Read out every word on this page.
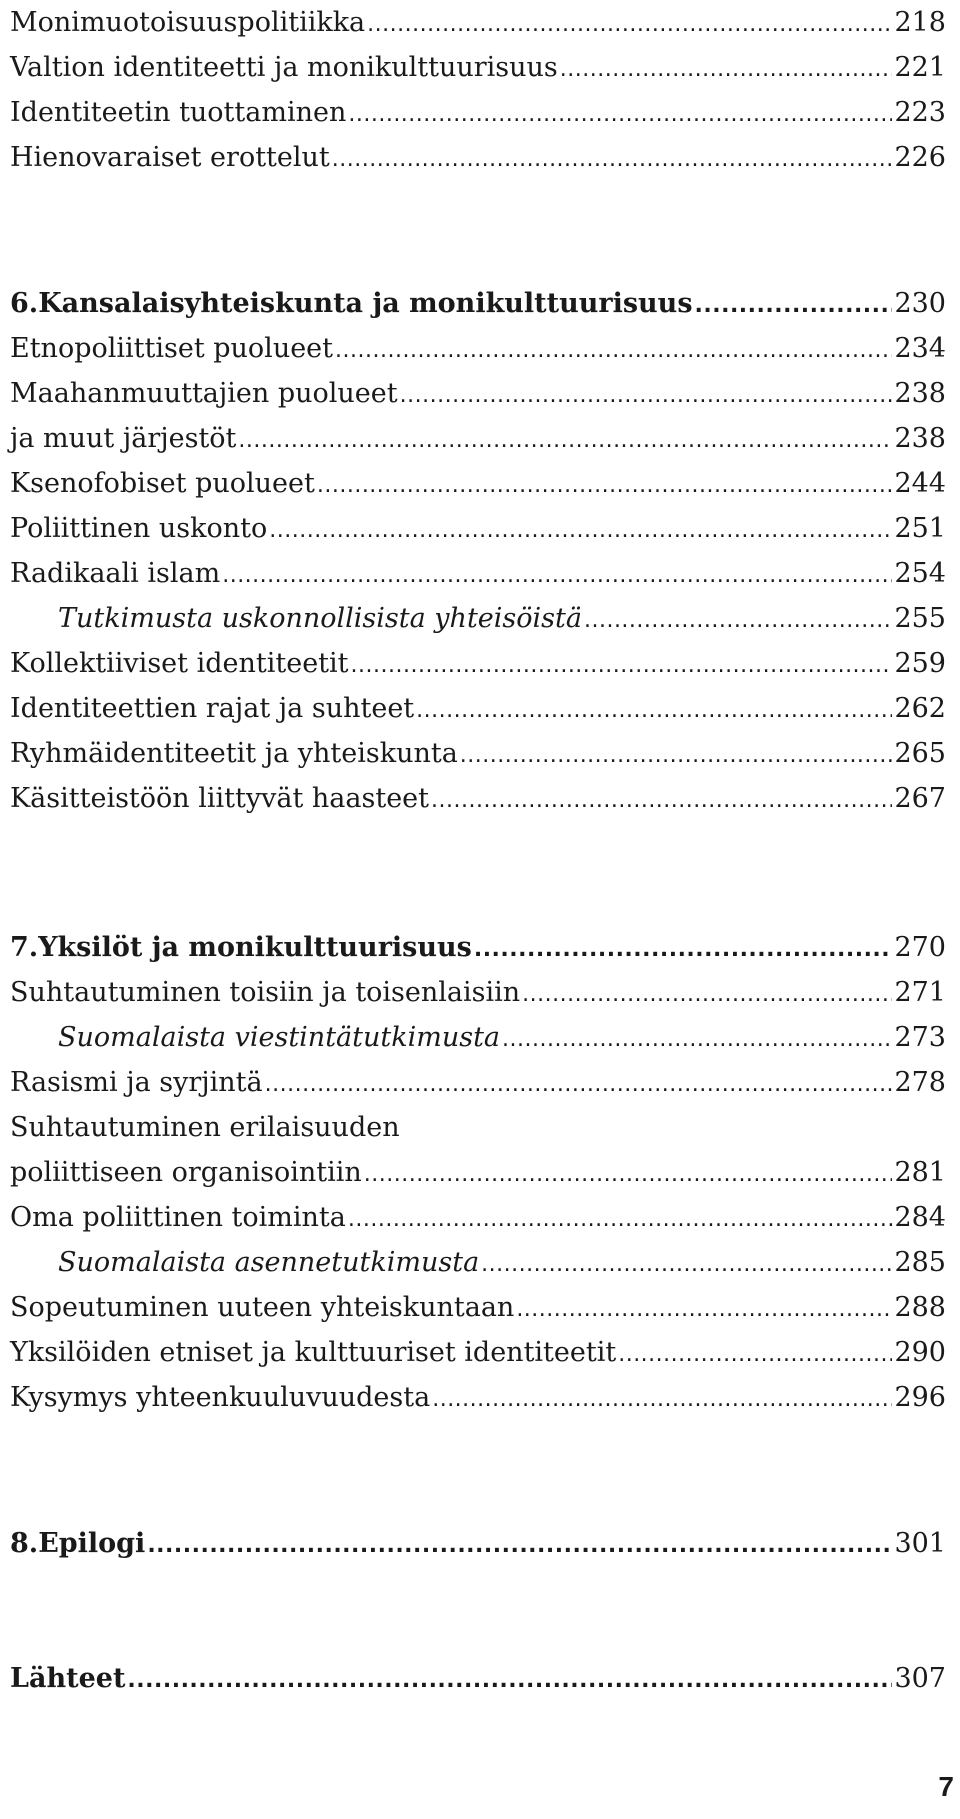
Monimuotoisuuspolitiikka .....	218
Valtion identiteetti ja monikulttuurisuus .....	221
Identiteetin tuottaminen .....	223
Hienovaraiset erottelut .....	226
6. Kansalaisyhteiskunta ja monikulttuurisuus .....	230
Etnopoliittiset puolueet .....	234
Maahanmuuttajien puolueet .....	238
ja muut järjestöt .....	238
Ksenofobiset puolueet .....	244
Poliittinen uskonto .....	251
Radikaali islam .....	254
Tutkimusta uskonnollisista yhteisöistä .....	255
Kollektiiviset identiteetit .....	259
Identiteettien rajat ja suhteet .....	262
Ryhmäidentiteetit ja yhteiskunta .....	265
Käsitteistöön liittyvät haasteet .....	267
7. Yksilöt ja monikulttuurisuus .....	270
Suhtautuminen toisiin ja toisenlaisiin .....	271
Suomalaista viestintätutkimusta .....	273
Rasismi ja syrjintä .....	278
Suhtautuminen erilaisuuden
poliittiseen organisointiin .....	281
Oma poliittinen toiminta .....	284
Suomalaista asennetutkimusta .....	285
Sopeutuminen uuteen yhteiskuntaan .....	288
Yksilöiden etniset ja kulttuuriset identiteetit .....	290
Kysymys yhteenkuuluvuudesta .....	296
8. Epilogi .....	301
Lähteet .....	307
7
